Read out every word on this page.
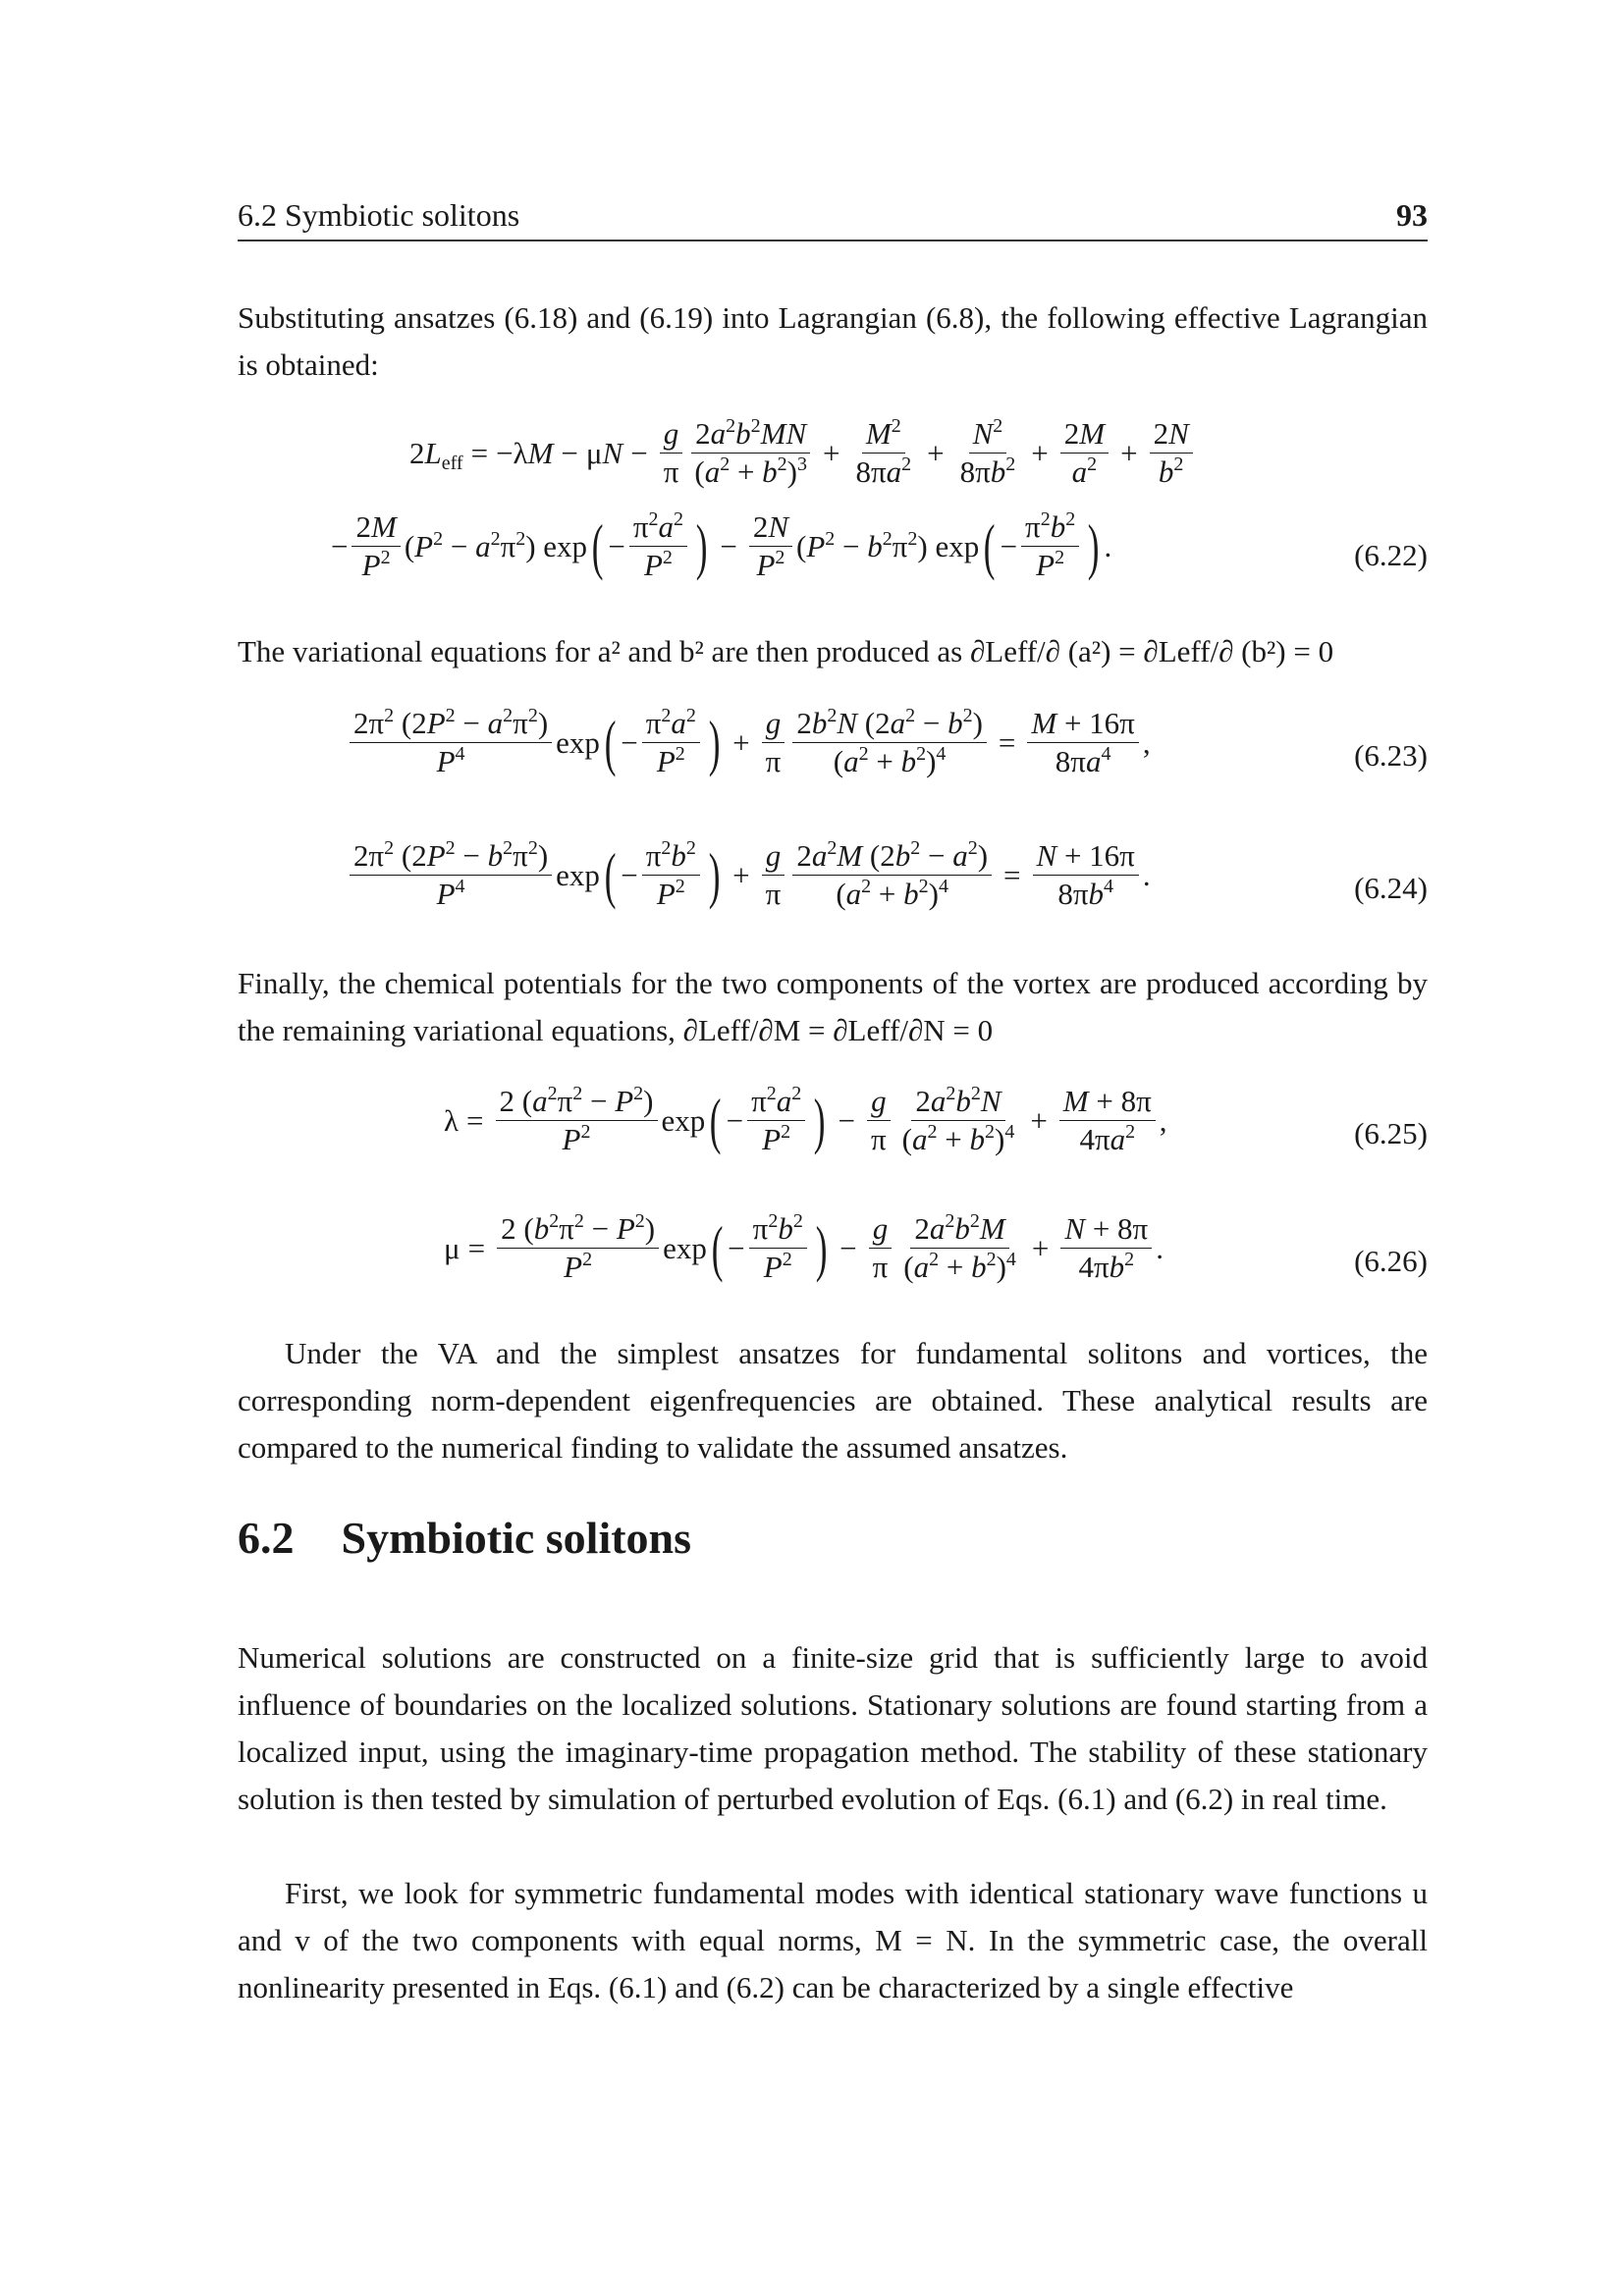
6.2 Symbiotic solitons	93
Substituting ansatzes (6.18) and (6.19) into Lagrangian (6.8), the following effective Lagrangian is obtained:
$2L_{eff} = -\lambda M - \mu N - \frac{g}{\pi} \frac{2a^2b^2MN}{(a^2 + b^2)^3} + \frac{M^2}{8\pi a^2} + \frac{N^2}{8\pi b^2} + \frac{2M}{a^2} + \frac{2N}{b^2}$
− $\frac{2M}{P^2} (P^2 - a^2\pi^2)$ exp ( − $\frac{\pi^2a^2}{P^2}$ ) − $\frac{2N}{P^2} (P^2 - b^2\pi^2)$ exp ( − $\frac{\pi^2b^2}{P^2}$ ) .	(6.22)
The variational equations for a² and b² are then produced as ∂Leff/∂ (a²) = ∂Leff/∂ (b²) = 0
$\frac{2\pi^2 (2P^2 - a^2\pi^2)}{P^4}$ exp ( − $\frac{\pi^2a^2}{P^2}$ ) + $\frac{g}{\pi} \frac{2b^2N (2a^2 - b^2)}{(a^2 + b^2)^4} = \frac{M + 16\pi}{8\pi a^4}$ ,	(6.23)
$\frac{2\pi^2 (2P^2 - b^2\pi^2)}{P^4}$ exp ( − $\frac{\pi^2b^2}{P^2}$ ) + $\frac{g}{\pi} \frac{2a^2M (2b^2 - a^2)}{(a^2 + b^2)^4} = \frac{N + 16\pi}{8\pi b^4}$ .	(6.24)
Finally, the chemical potentials for the two components of the vortex are produced according by the remaining variational equations, ∂Leff/∂M = ∂Leff/∂N = 0
$\lambda = \frac{2 (a^2\pi^2 - P^2)}{P^2}$ exp ( − $\frac{\pi^2a^2}{P^2}$ ) − $\frac{g}{\pi} \frac{2a^2b^2N}{(a^2 + b^2)^4} + \frac{M + 8\pi}{4\pi a^2}$ ,	(6.25)
$\mu = \frac{2 (b^2\pi^2 - P^2)}{P^2}$ exp ( − $\frac{\pi^2b^2}{P^2}$ ) − $\frac{g}{\pi} \frac{2a^2b^2M}{(a^2 + b^2)^4} + \frac{N + 8\pi}{4\pi b^2}$ .	(6.26)
Under the VA and the simplest ansatzes for fundamental solitons and vortices, the corresponding norm-dependent eigenfrequencies are obtained. These analytical results are compared to the numerical finding to validate the assumed ansatzes.
6.2 Symbiotic solitons
Numerical solutions are constructed on a finite-size grid that is sufficiently large to avoid influence of boundaries on the localized solutions. Stationary solutions are found starting from a localized input, using the imaginary-time propagation method. The stability of these stationary solution is then tested by simulation of perturbed evolution of Eqs. (6.1) and (6.2) in real time.
First, we look for symmetric fundamental modes with identical stationary wave functions u and v of the two components with equal norms, M = N. In the symmetric case, the overall nonlinearity presented in Eqs. (6.1) and (6.2) can be characterized by a single effective
